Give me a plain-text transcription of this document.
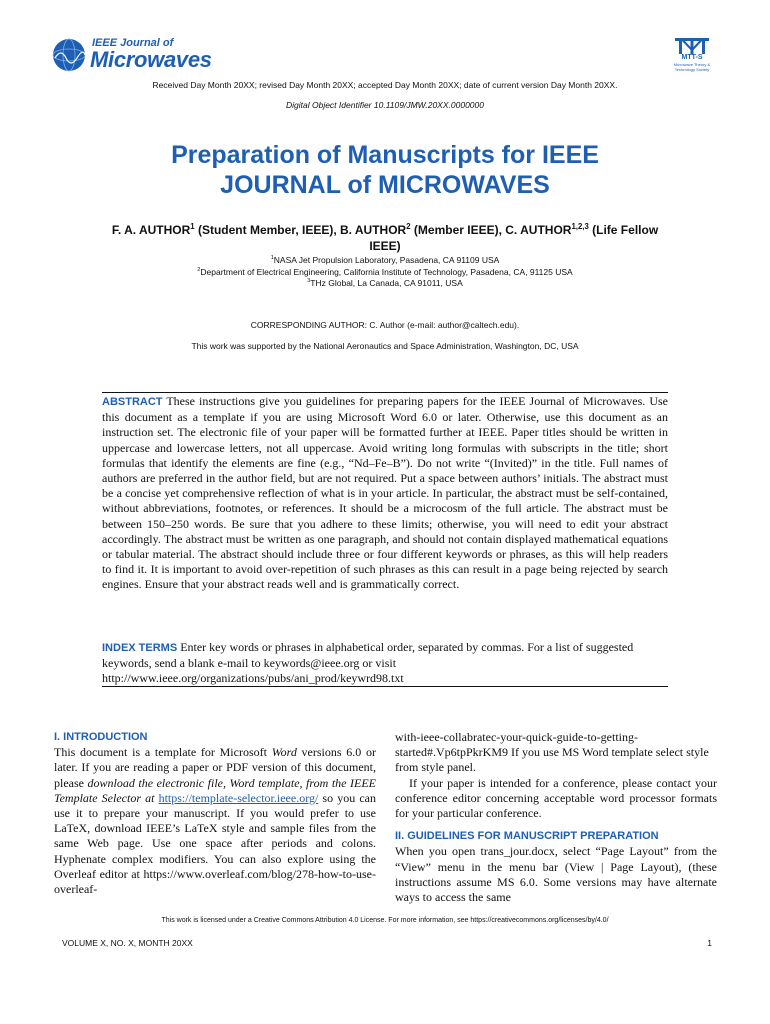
IEEE Journal of
Microwaves	MTT-S
Microwave Theory & Technology Society
Received Day Month 20XX; revised Day Month 20XX; accepted Day Month 20XX; date of current version Day Month 20XX.
Digital Object Identifier 10.1109/JMW.20XX.0000000
Preparation of Manuscripts for IEEE
JOURNAL of MICROWAVES
F. A. AUTHOR$^1$ (Student Member, IEEE), B. AUTHOR$^2$ (Member IEEE), C. AUTHOR$^{1,2,3}$ (Life Fellow IEEE)
$^1$NASA Jet Propulsion Laboratory, Pasadena, CA 91109 USA
$^2$Department of Electrical Engineering, California Institute of Technology, Pasadena, CA, 91125 USA
$^3$THz Global, La Canada, CA 91011, USA
CORRESPONDING AUTHOR: C. Author (e-mail: author@caltech.edu).
This work was supported by the National Aeronautics and Space Administration, Washington, DC, USA
ABSTRACT These instructions give you guidelines for preparing papers for the IEEE Journal of Microwaves. Use this document as a template if you are using Microsoft Word 6.0 or later. Otherwise, use this document as an instruction set. The electronic file of your paper will be formatted further at IEEE. Paper titles should be written in uppercase and lowercase letters, not all uppercase. Avoid writing long formulas with subscripts in the title; short formulas that identify the elements are fine (e.g., “Nd–Fe–B”). Do not write “(Invited)” in the title. Full names of authors are preferred in the author field, but are not required. Put a space between authors’ initials. The abstract must be a concise yet comprehensive reflection of what is in your article. In particular, the abstract must be self-contained, without abbreviations, footnotes, or references. It should be a microcosm of the full article. The abstract must be between 150–250 words. Be sure that you adhere to these limits; otherwise, you will need to edit your abstract accordingly. The abstract must be written as one paragraph, and should not contain displayed mathematical equations or tabular material. The abstract should include three or four different keywords or phrases, as this will help readers to find it. It is important to avoid over-repetition of such phrases as this can result in a page being rejected by search engines. Ensure that your abstract reads well and is grammatically correct.
INDEX TERMS Enter key words or phrases in alphabetical order, separated by commas. For a list of suggested keywords, send a blank e-mail to keywords@ieee.org or visit http://www.ieee.org/organizations/pubs/ani_prod/keywrd98.txt

I. INTRODUCTION

This document is a template for Microsoft Word versions 6.0 or later. If you are reading a paper or PDF version of this document, please download the electronic file, Word template, from the IEEE Template Selector at https://template-selector.ieee.org/ so you can use it to prepare your manuscript. If you would prefer to use LaTeX, download IEEE’s LaTeX style and sample files from the same Web page. Use one space after periods and colons. Hyphenate complex modifiers. You can also explore using the Overleaf editor at https://www.overleaf.com/blog/278-how-to-use-overleaf-

with-ieee-collabratec-your-quick-guide-to-getting-started#.Vp6tpPkrKM9 If you use MS Word template select style from style panel.

If your paper is intended for a conference, please contact your conference editor concerning acceptable word processor formats for your particular conference.

II. GUIDELINES FOR MANUSCRIPT PREPARATION

When you open trans_jour.docx, select “Page Layout” from the “View” menu in the menu bar (View | Page Layout), (these instructions assume MS 6.0. Some versions may have alternate ways to access the same

This work is licensed under a Creative Commons Attribution 4.0 License. For more information, see https://creativecommons.org/licenses/by/4.0/
VOLUME X, NO. X, MONTH 20XX	1
